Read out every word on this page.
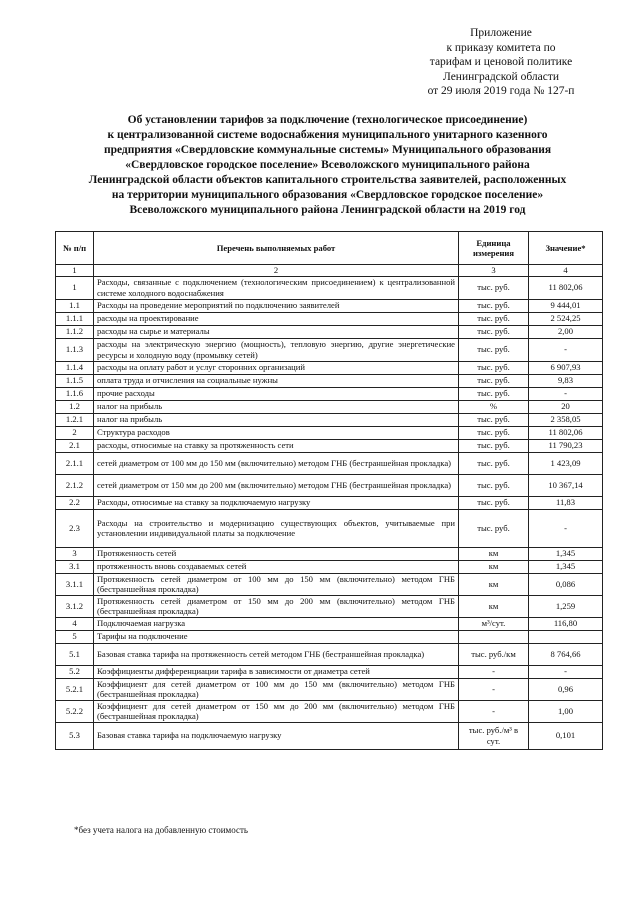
Приложение
к приказу комитета по
тарифам и ценовой политике
Ленинградской области
от 29 июля 2019 года № 127-п
Об установлении тарифов за подключение (технологическое присоединение)
к централизованной системе водоснабжения муниципального унитарного казенного
предприятия «Свердловские коммунальные системы» Муниципального образования
«Свердловское городское поселение» Всеволожского муниципального района
Ленинградской области объектов капитального строительства заявителей, расположенных
на территории муниципального образования «Свердловское городское поселение»
Всеволожского муниципального района Ленинградской области на 2019 год
№ п/п	Перечень выполняемых работ	Единица измерения	Значение*
1	2	3	4
1	Расходы, связанные с подключением (технологическим присоединением) к централизованной системе холодного водоснабжения	тыс. руб.	11 802,06
1.1	Расходы на проведение мероприятий по подключению заявителей	тыс. руб.	9 444,01
1.1.1	расходы на проектирование	тыс. руб.	2 524,25
1.1.2	расходы на сырье и материалы	тыс. руб.	2,00
1.1.3	расходы на электрическую энергию (мощность), тепловую энергию, другие энергетические ресурсы и холодную воду (промывку сетей)	тыс. руб.	-
1.1.4	расходы на оплату работ и услуг сторонних организаций	тыс. руб.	6 907,93
1.1.5	оплата труда и отчисления на социальные нужны	тыс. руб.	9,83
1.1.6	прочие расходы	тыс. руб.	-
1.2	налог на прибыль	%	20
1.2.1	налог на прибыль	тыс. руб.	2 358,05
2	Структура расходов	тыс. руб.	11 802,06
2.1	расходы, относимые на ставку за протяженность сети	тыс. руб.	11 790,23
2.1.1	сетей диаметром от 100 мм до 150 мм (включительно) методом ГНБ (бестраншейная прокладка)	тыс. руб.	1 423,09
2.1.2	сетей диаметром от 150 мм до 200 мм (включительно) методом ГНБ (бестраншейная прокладка)	тыс. руб.	10 367,14
2.2	Расходы, относимые на ставку за подключаемую нагрузку	тыс. руб.	11,83
2.3	Расходы на строительство и модернизацию существующих объектов, учитываемые при установлении индивидуальной платы за подключение	тыс. руб.	-
3	Протяженность сетей	км	1,345
3.1	протяженность вновь создаваемых сетей	км	1,345
3.1.1	Протяженность сетей диаметром от 100 мм до 150 мм (включительно) методом ГНБ (бестраншейная прокладка)	км	0,086
3.1.2	Протяженность сетей диаметром от 150 мм до 200 мм (включительно) методом ГНБ (бестраншейная прокладка)	км	1,259
4	Подключаемая нагрузка	м³/сут.	116,80
5	Тарифы на подключение		
5.1	Базовая ставка тарифа на протяженность сетей методом ГНБ (бестраншейная прокладка)	тыс. руб./км	8 764,66
5.2	Коэффициенты дифференциации тарифа в зависимости от диаметра сетей	-	-
5.2.1	Коэффициент для сетей диаметром от 100 мм до 150 мм (включительно) методом ГНБ (бестраншейная прокладка)	-	0,96
5.2.2	Коэффициент для сетей диаметром от 150 мм до 200 мм (включительно) методом ГНБ (бестраншейная прокладка)	-	1,00
5.3	Базовая ставка тарифа на подключаемую нагрузку	тыс. руб./м³ в сут.	0,101
*без учета налога на добавленную стоимость
